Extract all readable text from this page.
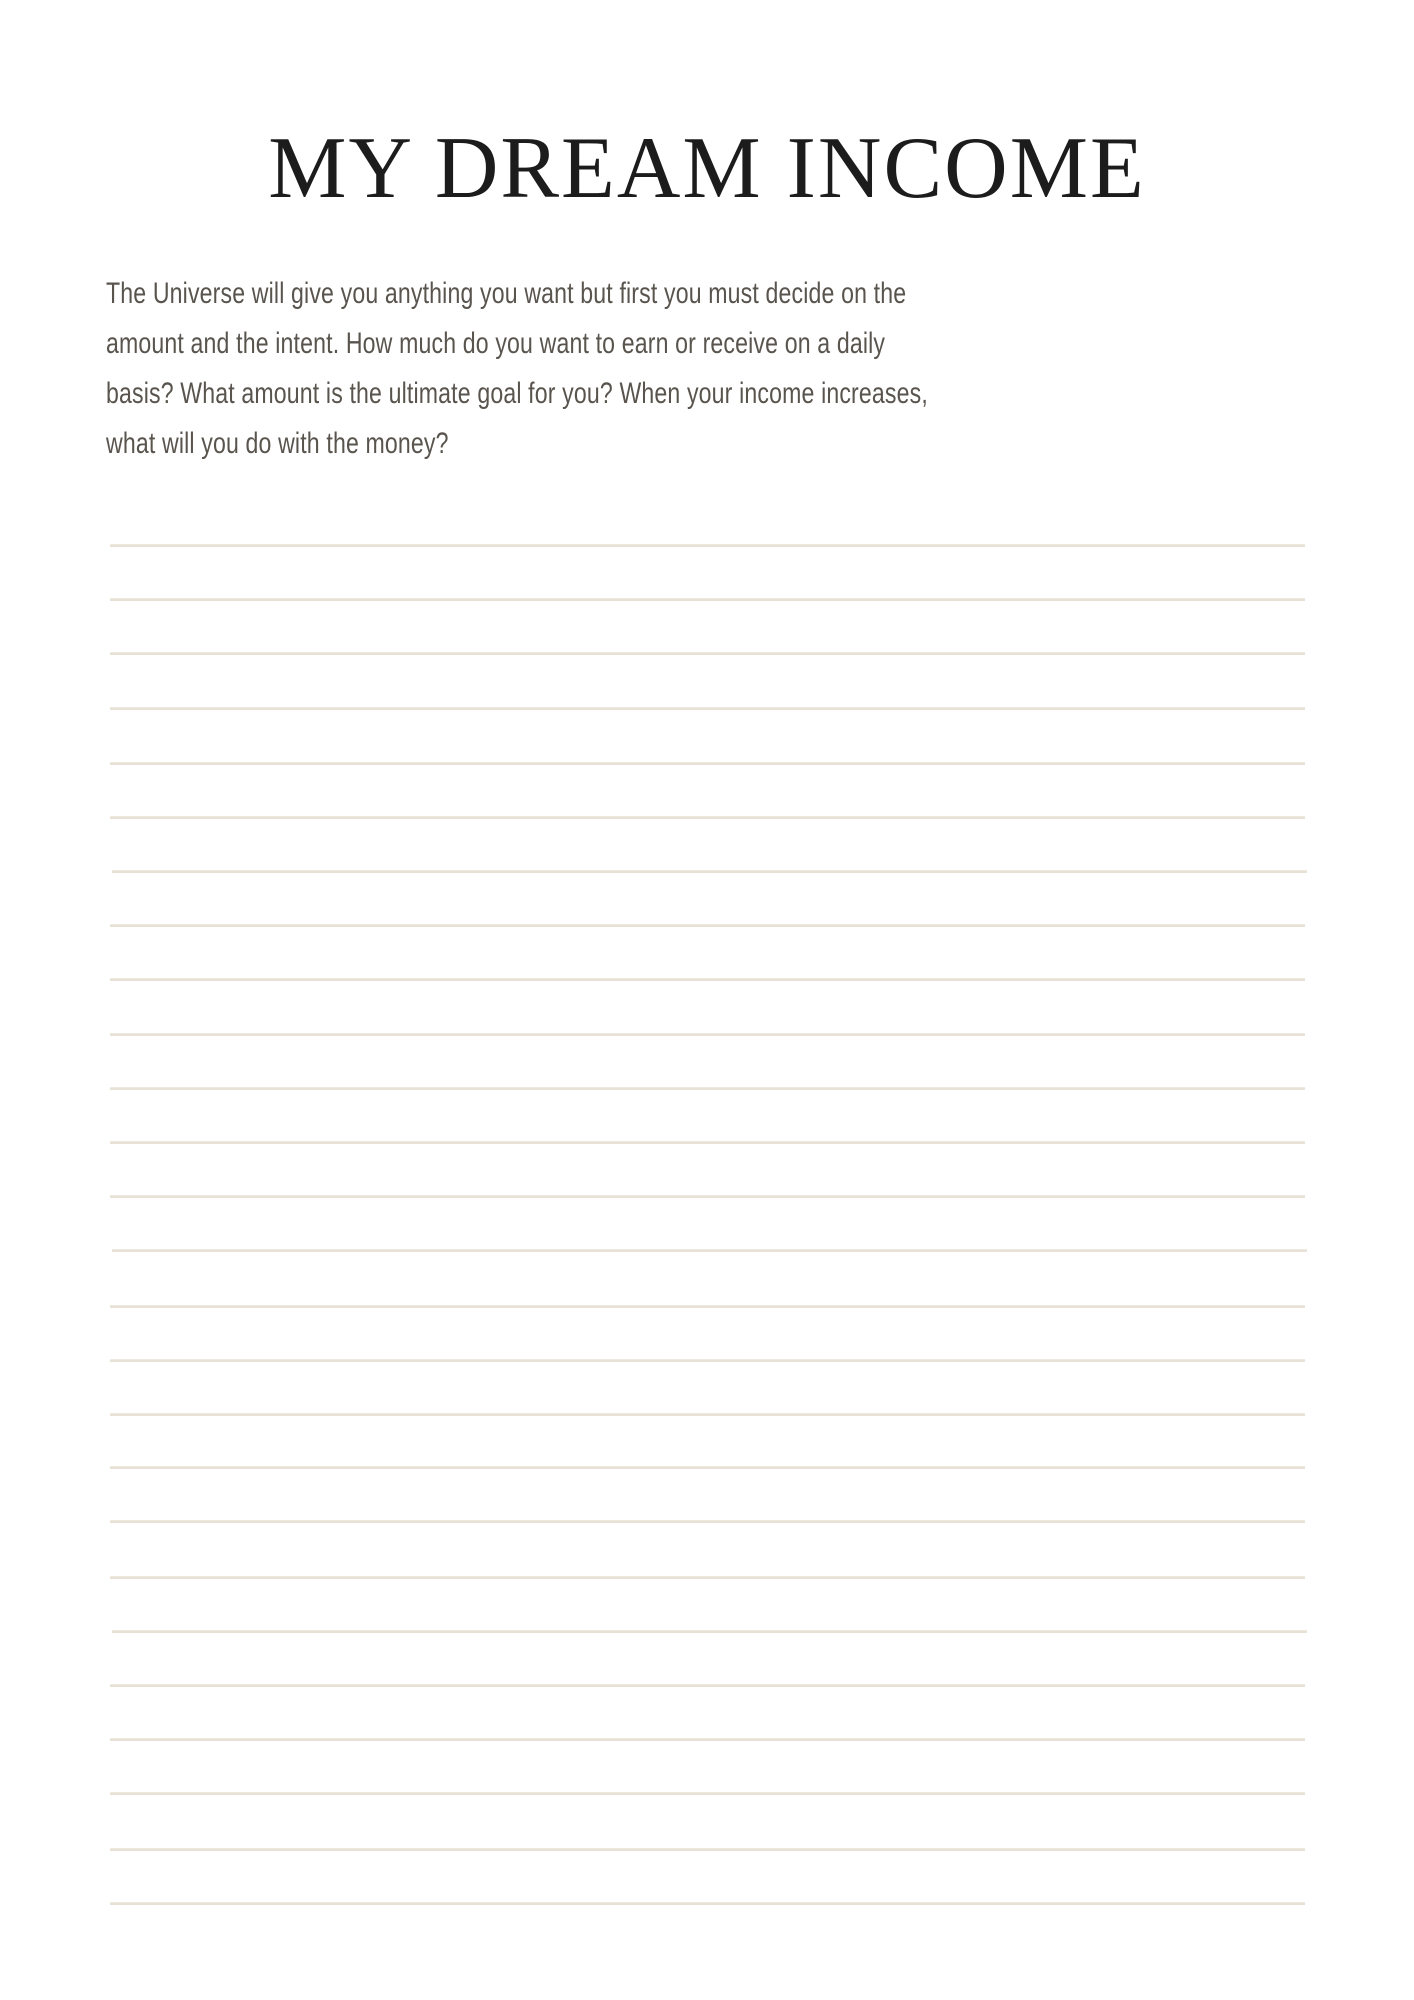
MY DREAM INCOME
The Universe will give you anything you want but first you must decide on the
amount and the intent. How much do you want to earn or receive on a daily
basis? What amount is the ultimate goal for you? When your income increases,
what will you do with the money?
